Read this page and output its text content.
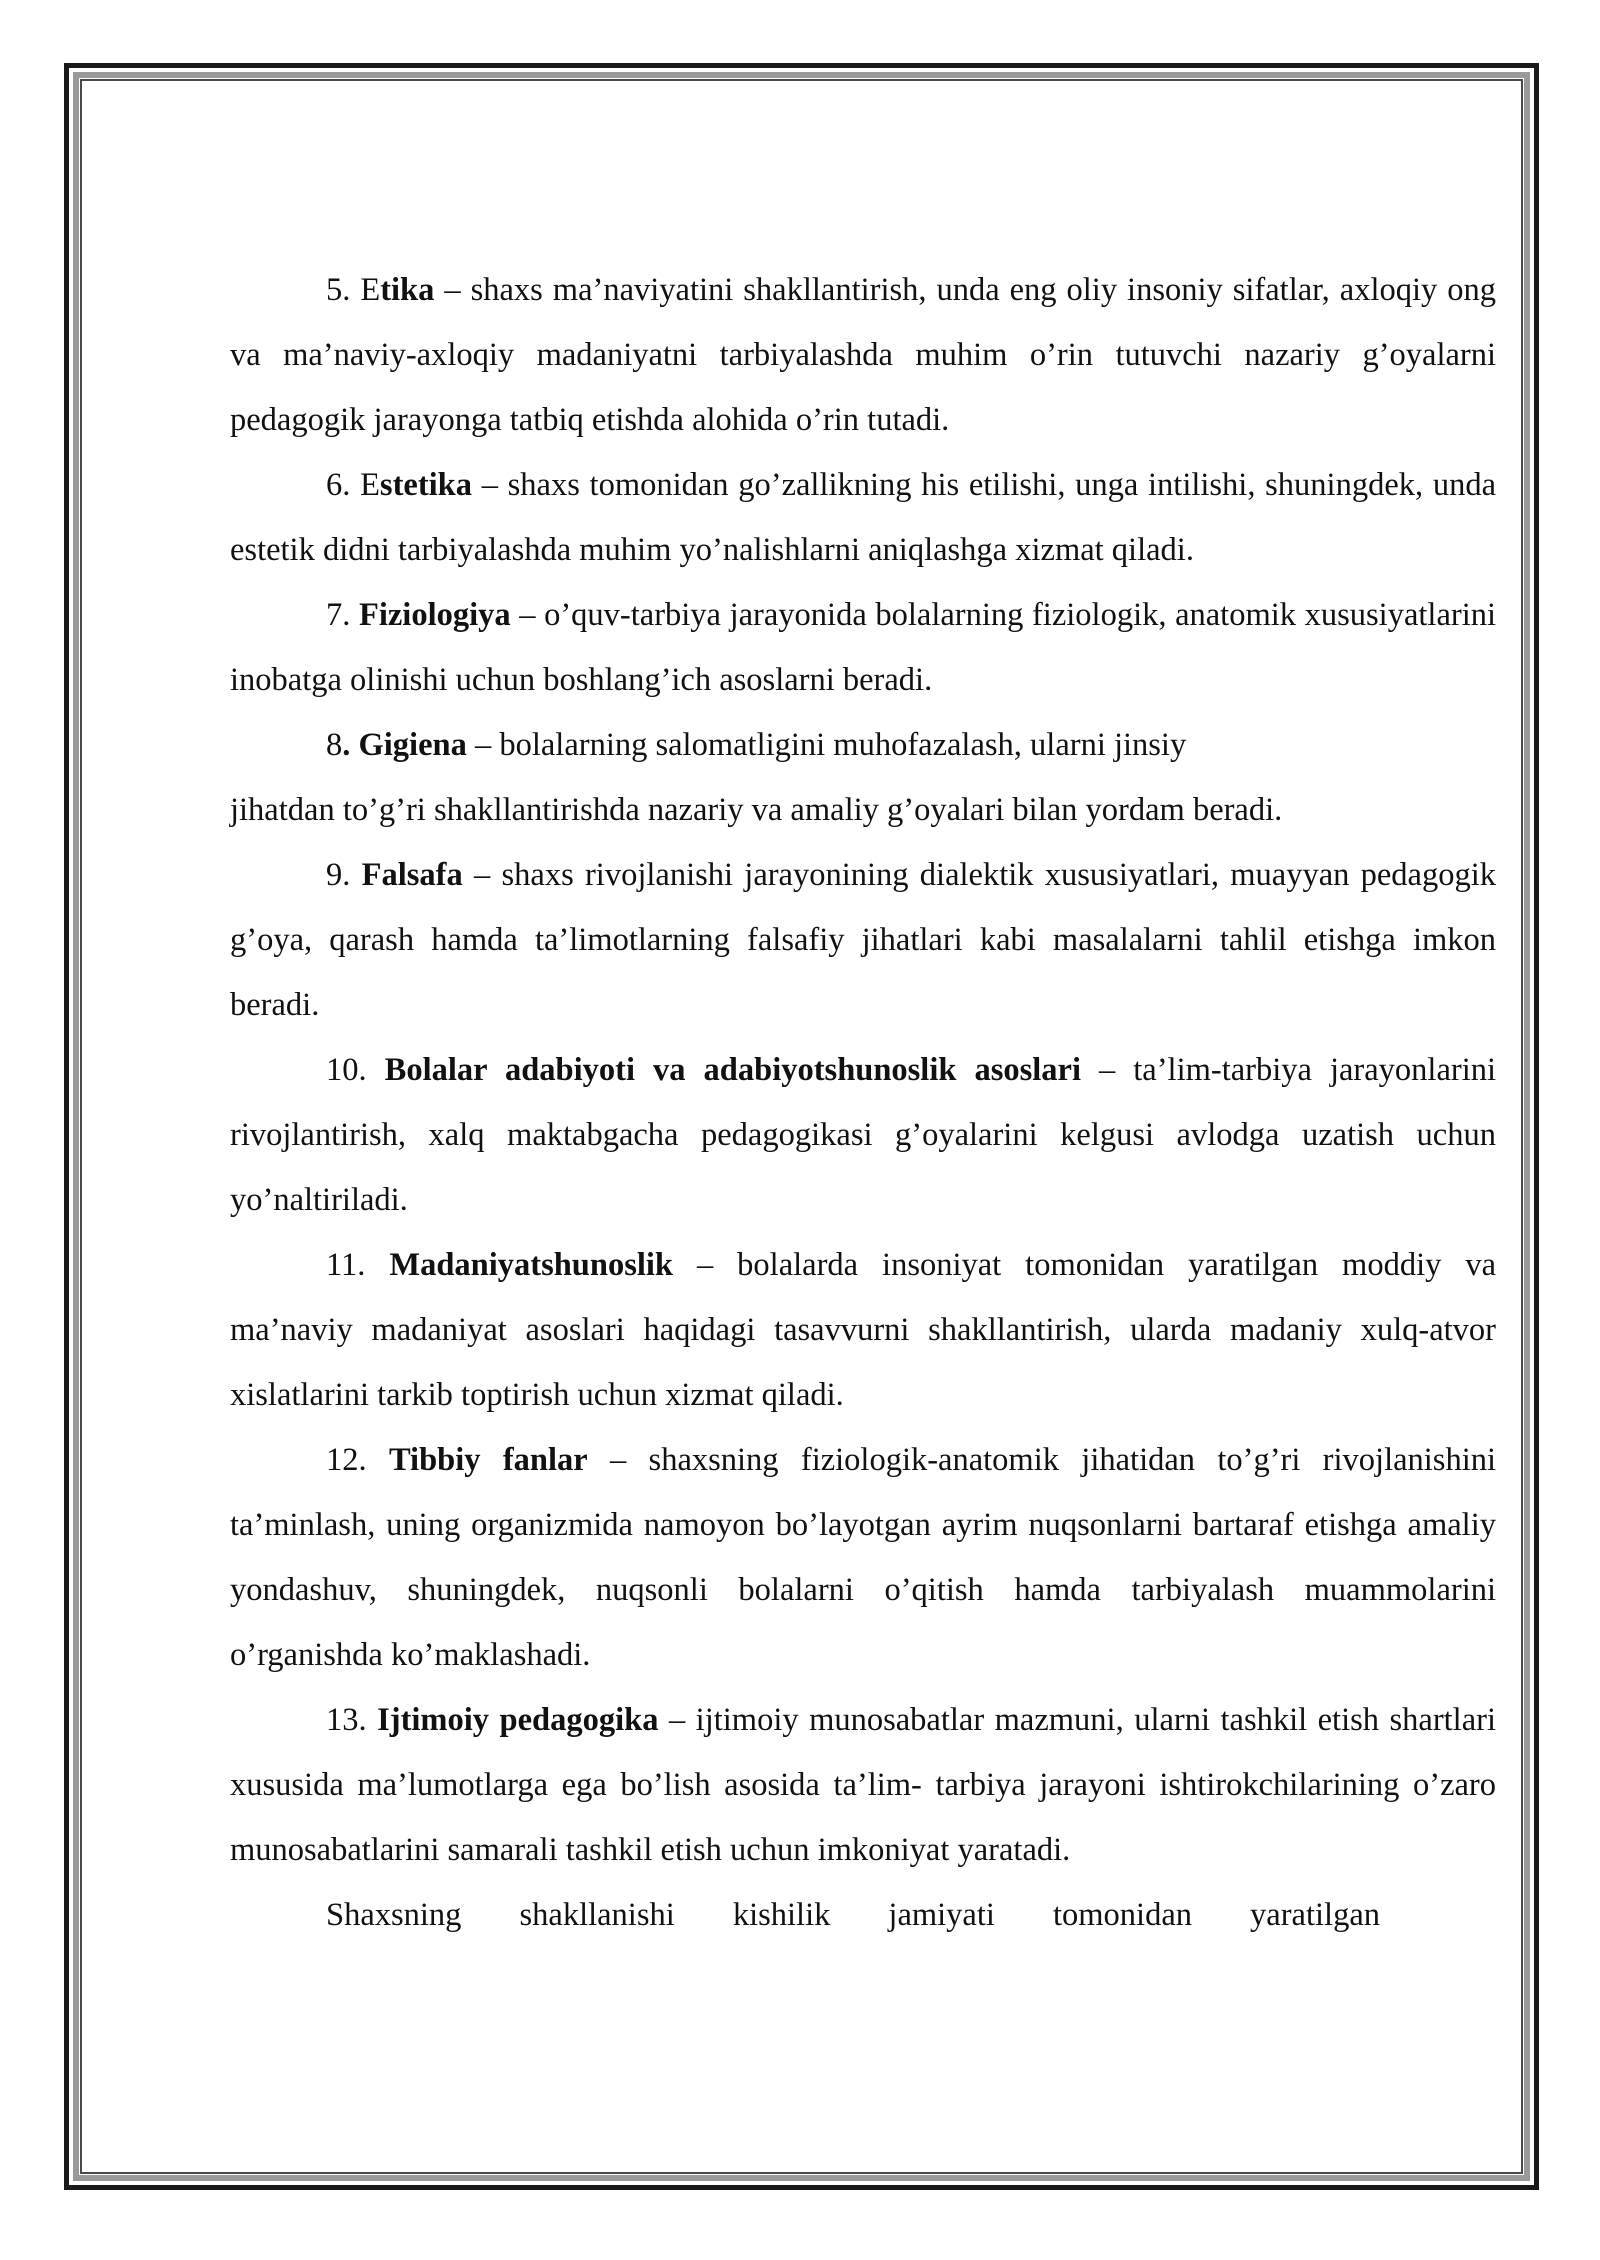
5. Etika – shaxs ma’naviyatini shakllantirish, unda eng oliy insoniy sifatlar, axloqiy ong va ma’naviy-axloqiy madaniyatni tarbiyalashda muhim o’rin tutuvchi nazariy g’oyalarni pedagogik jarayonga tatbiq etishda alohida o’rin tutadi.

6. Estetika – shaxs tomonidan go’zallikning his etilishi, unga intilishi, shuningdek, unda estetik didni tarbiyalashda muhim yo’nalishlarni aniqlashga xizmat qiladi.

7. Fiziologiya – o’quv-tarbiya jarayonida bolalarning fiziologik, anatomik xususiyatlarini inobatga olinishi uchun boshlang’ich asoslarni beradi.

8. Gigiena – bolalarning salomatligini muhofazalash, ularni jinsiy

jihatdan to’g’ri shakllantirishda nazariy va amaliy g’oyalari bilan yordam beradi.

9. Falsafa – shaxs rivojlanishi jarayonining dialektik xususiyatlari, muayyan pedagogik g’oya, qarash hamda ta’limotlarning falsafiy jihatlari kabi masalalarni tahlil etishga imkon beradi.

10. Bolalar adabiyoti va adabiyotshunoslik asoslari – ta’lim-tarbiya jarayonlarini rivojlantirish, xalq maktabgacha pedagogikasi g’oyalarini kelgusi avlodga uzatish uchun yo’naltiriladi.

11. Madaniyatshunoslik – bolalarda insoniyat tomonidan yaratilgan moddiy va ma’naviy madaniyat asoslari haqidagi tasavvurni shakllantirish, ularda madaniy xulq-atvor xislatlarini tarkib toptirish uchun xizmat qiladi.

12. Tibbiy fanlar – shaxsning fiziologik-anatomik jihatidan to’g’ri rivojlanishini ta’minlash, uning organizmida namoyon bo’layotgan ayrim nuqsonlarni bartaraf etishga amaliy yondashuv, shuningdek, nuqsonli bolalarni o’qitish hamda tarbiyalash muammolarini o’rganishda ko’maklashadi.

13. Ijtimoiy pedagogika – ijtimoiy munosabatlar mazmuni, ularni tashkil etish shartlari xususida ma’lumotlarga ega bo’lish asosida ta’lim- tarbiya jarayoni ishtirokchilarining o’zaro munosabatlarini samarali tashkil etish uchun imkoniyat yaratadi.

Shaxsning shakllanishi kishilik jamiyati tomonidan yaratilgan
